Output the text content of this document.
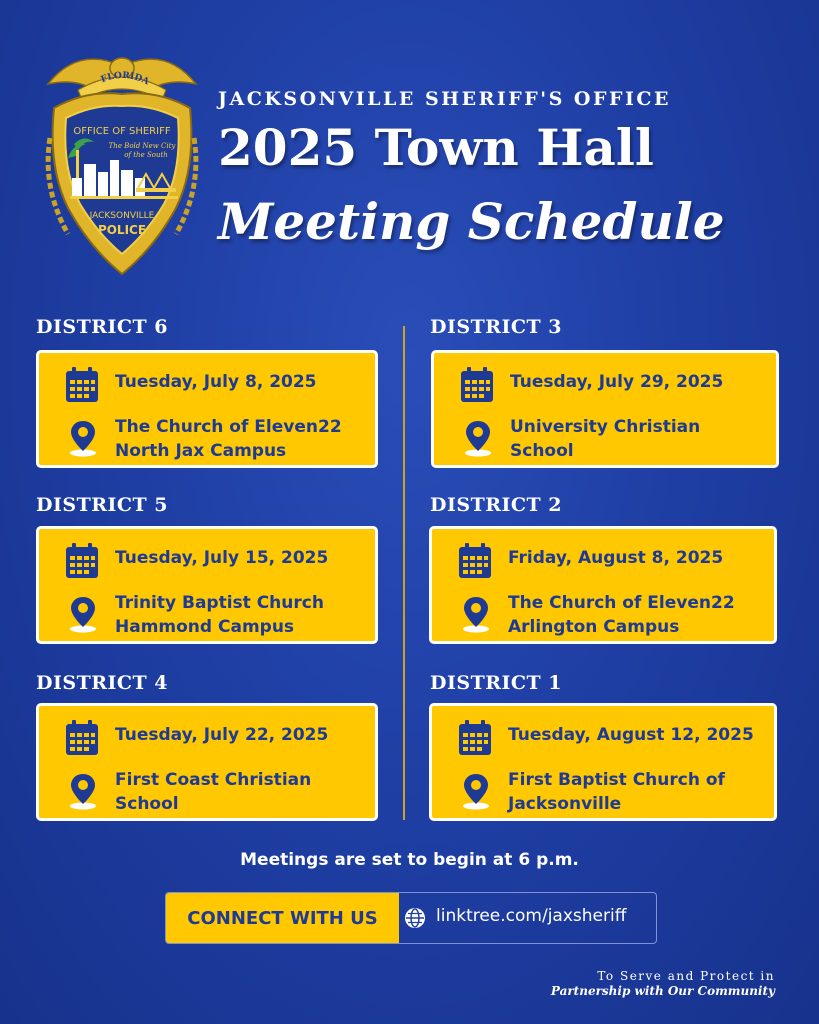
FLORIDA
OFFICE OF SHERIFF
The Bold New City
of the South
JACKSONVILLE
POLICE
JACKSONVILLE SHERIFF'S OFFICE
2025 Town Hall
Meeting Schedule
DISTRICT 6
Tuesday, July 8, 2025
The Church of Eleven22
North Jax Campus
DISTRICT 5
Tuesday, July 15, 2025
Trinity Baptist Church
Hammond Campus
DISTRICT 4
Tuesday, July 22, 2025
First Coast Christian
School
DISTRICT 3
Tuesday, July 29, 2025
University Christian
School
DISTRICT 2
Friday, August 8, 2025
The Church of Eleven22
Arlington Campus
DISTRICT 1
Tuesday, August 12, 2025
First Baptist Church of
Jacksonville
Meetings are set to begin at 6 p.m.
CONNECT WITH US	linktree.com/jaxsheriff
To Serve and Protect in
Partnership with Our Community
